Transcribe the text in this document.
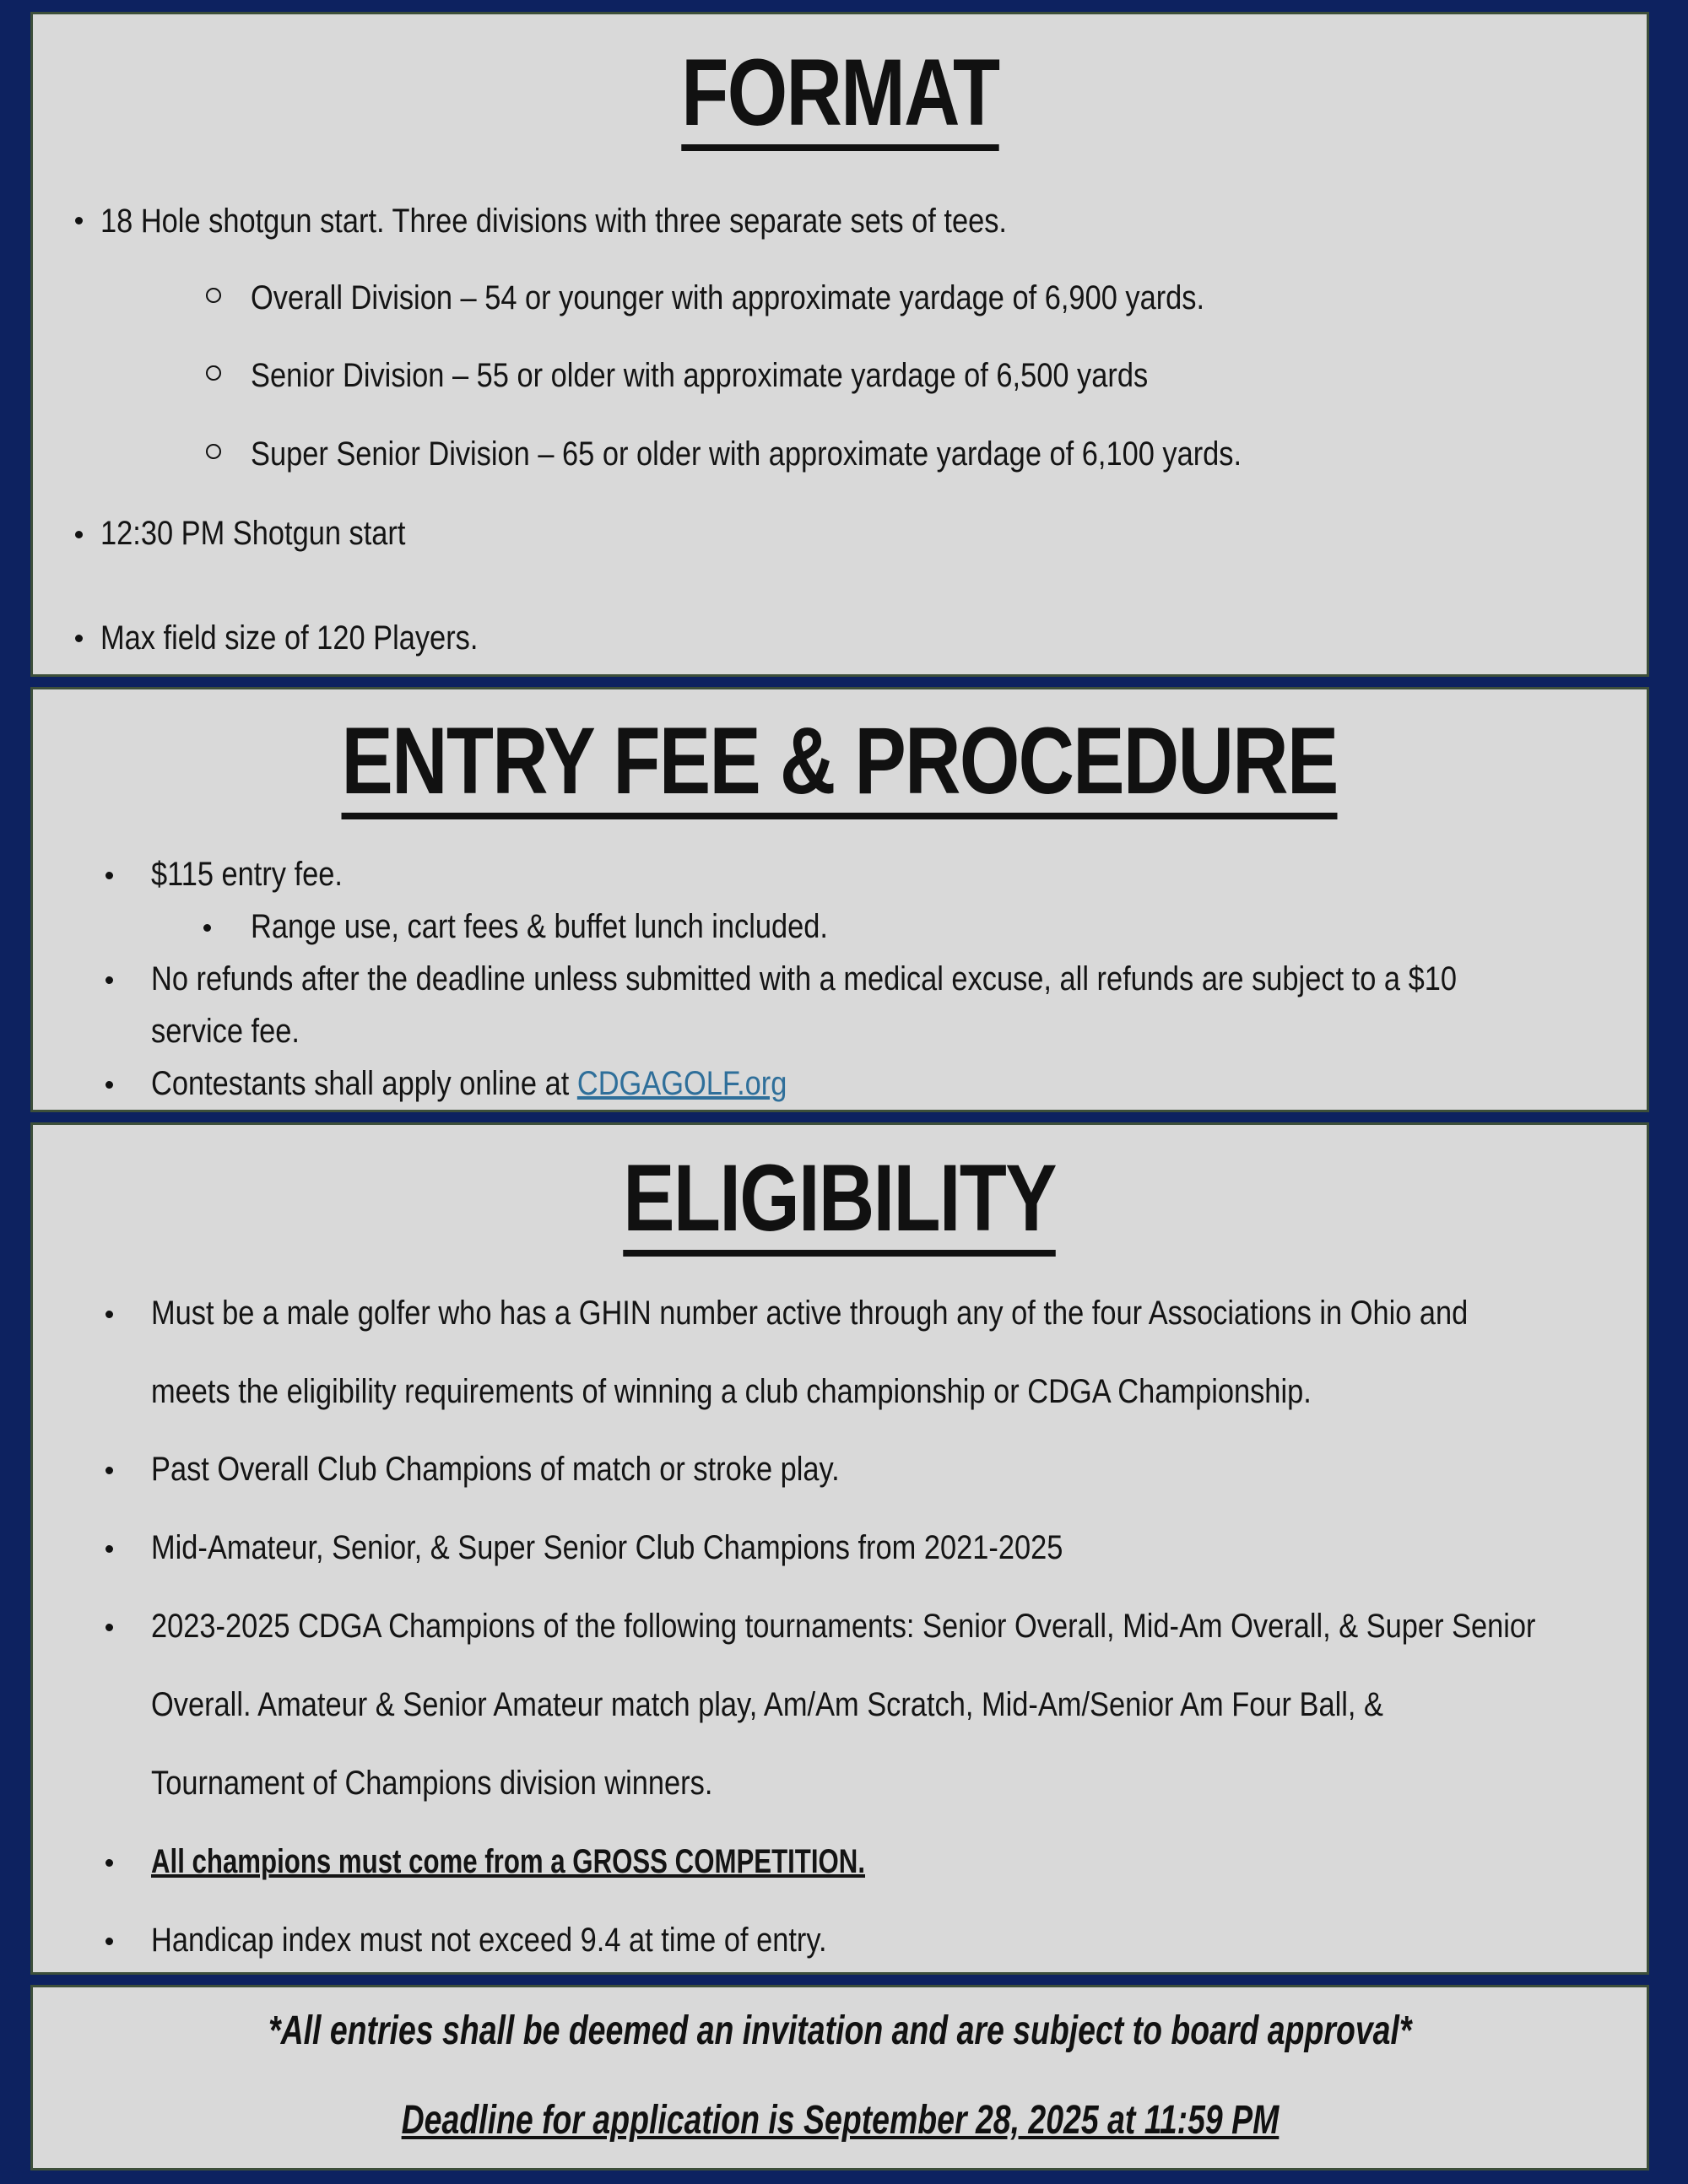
FORMAT
18 Hole shotgun start. Three divisions with three separate sets of tees.
Overall Division – 54 or younger with approximate yardage of 6,900 yards.
Senior Division – 55 or older with approximate yardage of 6,500 yards
Super Senior Division – 65 or older with approximate yardage of 6,100 yards.
12:30 PM Shotgun start
Max field size of 120 Players.
ENTRY FEE & PROCEDURE
$115 entry fee.
Range use, cart fees & buffet lunch included.
No refunds after the deadline unless submitted with a medical excuse, all refunds are subject to a $10
service fee.
Contestants shall apply online at CDGAGOLF.org
ELIGIBILITY
Must be a male golfer who has a GHIN number active through any of the four Associations in Ohio and
meets the eligibility requirements of winning a club championship or CDGA Championship.
Past Overall Club Champions of match or stroke play.
Mid-Amateur, Senior, & Super Senior Club Champions from 2021-2025
2023-2025 CDGA Champions of the following tournaments: Senior Overall, Mid-Am Overall, & Super Senior
Overall. Amateur & Senior Amateur match play, Am/Am Scratch, Mid-Am/Senior Am Four Ball, &
Tournament of Champions division winners.
All champions must come from a GROSS COMPETITION.
Handicap index must not exceed 9.4 at time of entry.
*All entries shall be deemed an invitation and are subject to board approval*
Deadline for application is September 28, 2025 at 11:59 PM
